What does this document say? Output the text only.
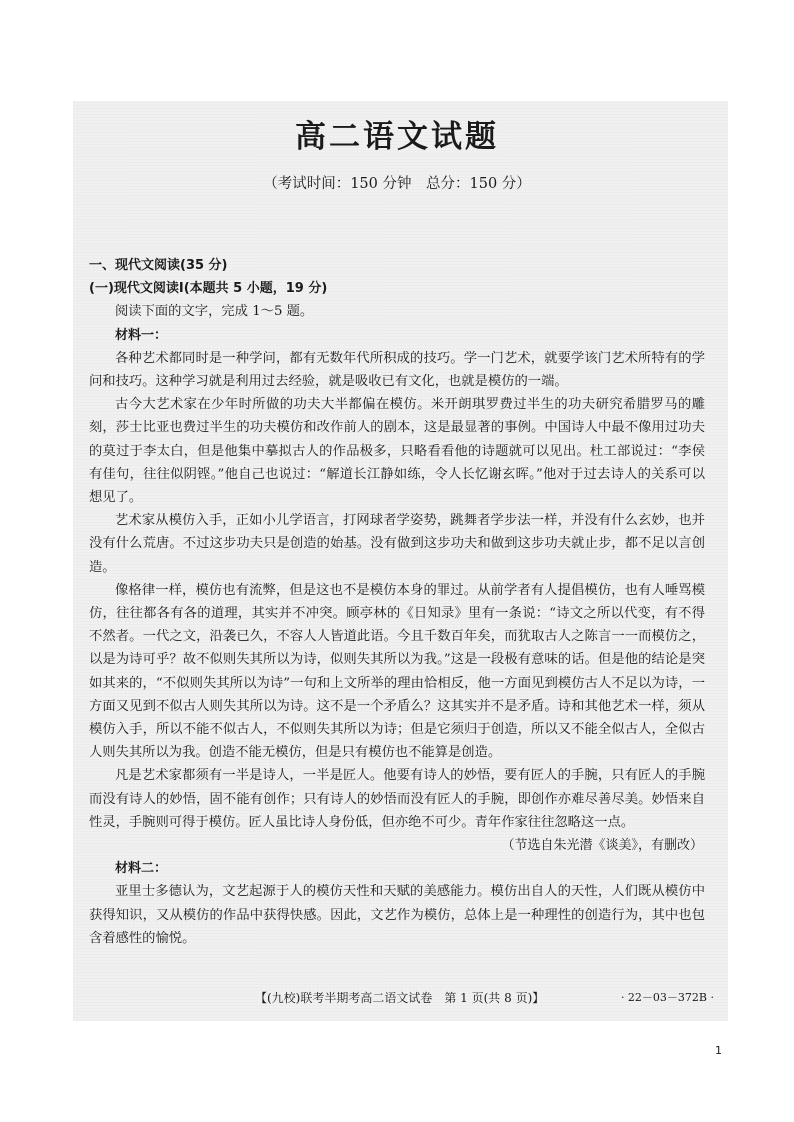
高二语文试题
（考试时间：150 分钟　总分：150 分）

一、现代文阅读(35 分)

(一)现代文阅读Ⅰ(本题共 5 小题，19 分)

阅读下面的文字，完成 1～5 题。

材料一：

各种艺术都同时是一种学问，都有无数年代所积成的技巧。学一门艺术，就要学该门艺术所特有的学问和技巧。这种学习就是利用过去经验，就是吸收已有文化，也就是模仿的一端。

古今大艺术家在少年时所做的功夫大半都偏在模仿。米开朗琪罗费过半生的功夫研究希腊罗马的雕刻，莎士比亚也费过半生的功夫模仿和改作前人的剧本，这是最显著的事例。中国诗人中最不像用过功夫的莫过于李太白，但是他集中摹拟古人的作品极多，只略看看他的诗题就可以见出。杜工部说过：“李侯有佳句，往往似阴铿。”他自己也说过：“解道长江静如练，令人长忆谢玄晖。”他对于过去诗人的关系可以想见了。

艺术家从模仿入手，正如小儿学语言，打网球者学姿势，跳舞者学步法一样，并没有什么玄妙，也并没有什么荒唐。不过这步功夫只是创造的始基。没有做到这步功夫和做到这步功夫就止步，都不足以言创造。

像格律一样，模仿也有流弊，但是这也不是模仿本身的罪过。从前学者有人提倡模仿，也有人唾骂模仿，往往都各有各的道理，其实并不冲突。顾亭林的《日知录》里有一条说：“诗文之所以代变，有不得不然者。一代之文，沿袭已久，不容人人皆道此语。今且千数百年矣，而犹取古人之陈言一一而模仿之，以是为诗可乎？故不似则失其所以为诗，似则失其所以为我。”这是一段极有意味的话。但是他的结论是突如其来的，“不似则失其所以为诗”一句和上文所举的理由恰相反，他一方面见到模仿古人不足以为诗，一方面又见到不似古人则失其所以为诗。这不是一个矛盾么？这其实并不是矛盾。诗和其他艺术一样，须从模仿入手，所以不能不似古人，不似则失其所以为诗；但是它须归于创造，所以又不能全似古人，全似古人则失其所以为我。创造不能无模仿，但是只有模仿也不能算是创造。

凡是艺术家都须有一半是诗人，一半是匠人。他要有诗人的妙悟，要有匠人的手腕，只有匠人的手腕而没有诗人的妙悟，固不能有创作；只有诗人的妙悟而没有匠人的手腕，即创作亦难尽善尽美。妙悟来自性灵，手腕则可得于模仿。匠人虽比诗人身份低，但亦绝不可少。青年作家往往忽略这一点。

（节选自朱光潜《谈美》，有删改）

材料二：

亚里士多德认为，文艺起源于人的模仿天性和天赋的美感能力。模仿出自人的天性，人们既从模仿中获得知识，又从模仿的作品中获得快感。因此，文艺作为模仿，总体上是一种理性的创造行为，其中也包含着感性的愉悦。

【(九校)联考半期考高二语文试卷　第 1 页(共 8 页)】	· 22－03－372B ·
1
